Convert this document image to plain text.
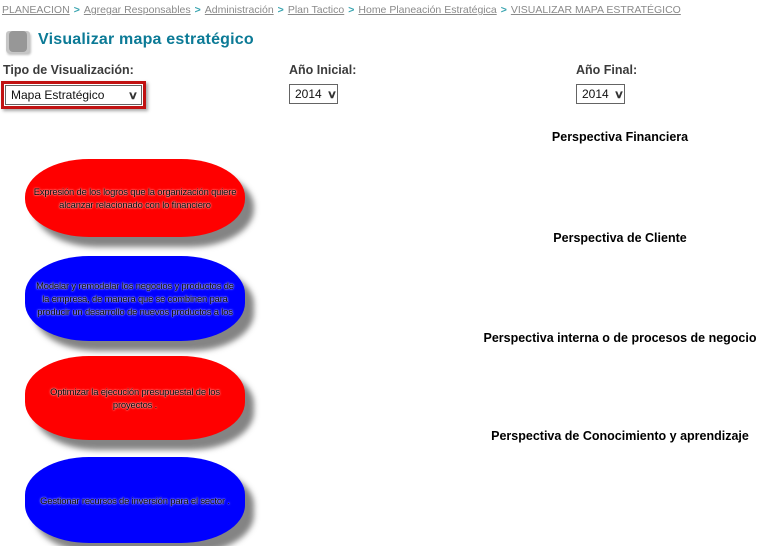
PLANEACION > Agregar Responsables > Administración > Plan Tactico > Home Planeación Estratégica > VISUALIZAR MAPA ESTRATÉGICO
Visualizar mapa estratégico
Tipo de Visualización:	Año Inicial:	Año Final:
Mapa Estratégico ∨	2014 ∨	2014 ∨
Perspectiva Financiera
Perspectiva de Cliente
Perspectiva interna o de procesos de negocio
Perspectiva de Conocimiento y aprendizaje
Expresión de los logros que la organización quiere
alcanzar relacionado con lo financiero
Modelar y remodelar los negocios y productos de
la empresa, de manera que se combinen para
producir un desarrollo de nuevos productos a los
Optimizar la ejecución presupuestal de los
proyectos .
Gestionar recursos de inversión para el sector .
